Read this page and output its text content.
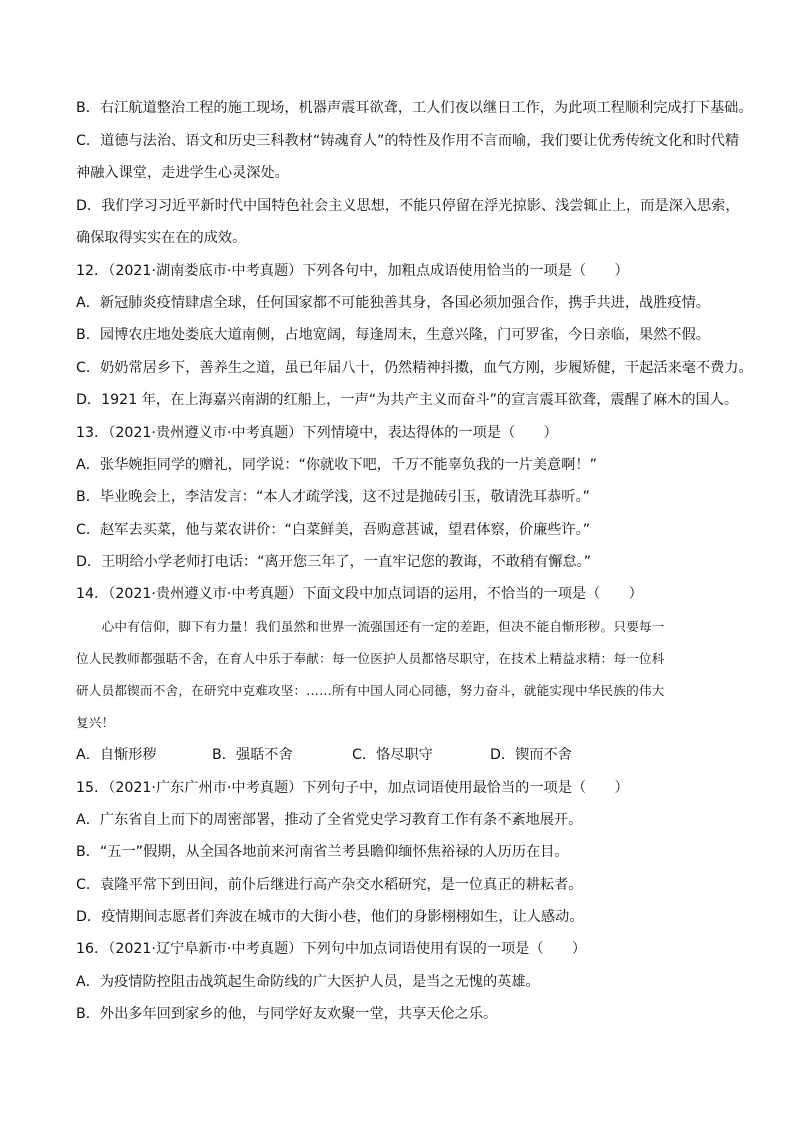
B．右江航道整治工程的施工现场，机器声震耳欲聋，工人们夜以继日工作，为此项工程顺利完成打下基础。
C．道德与法治、语文和历史三科教材“铸魂育人”的特性及作用不言而喻，我们要让优秀传统文化和时代精
神融入课堂，走进学生心灵深处。
D．我们学习习近平新时代中国特色社会主义思想，不能只停留在浮光掠影、浅尝辄止上，而是深入思索，
确保取得实实在在的成效。
12．（2021·湖南娄底市·中考真题）下列各句中，加粗点成语使用恰当的一项是（　　）
A．新冠肺炎疫情肆虐全球，任何国家都不可能独善其身，各国必须加强合作，携手共进，战胜疫情。
B．园博农庄地处娄底大道南侧，占地宽阔，每逢周末，生意兴隆，门可罗雀，今日亲临，果然不假。
C．奶奶常居乡下，善养生之道，虽已年届八十，仍然精神抖擞，血气方刚，步履矫健，干起活来毫不费力。
D．1921 年，在上海嘉兴南湖的红船上，一声“为共产主义而奋斗”的宣言震耳欲聋，震醒了麻木的国人。
13．（2021·贵州遵义市·中考真题）下列情境中，表达得体的一项是（　　）
A．张华婉拒同学的赠礼，同学说：“你就收下吧，千万不能辜负我的一片美意啊！”
B．毕业晚会上，李洁发言：“本人才疏学浅，这不过是抛砖引玉，敬请洗耳恭听。”
C．赵军去买菜，他与菜农讲价：“白菜鲜美，吾购意甚诚，望君体察，价廉些许。”
D．王明给小学老师打电话：“离开您三年了，一直牢记您的教诲，不敢稍有懈怠。”
14．（2021·贵州遵义市·中考真题）下面文段中加点词语的运用，不恰当的一项是（　　）
　　心中有信仰，脚下有力量！我们虽然和世界一流强国还有一定的差距，但决不能自惭形秽。只要每一
位人民教师都强聒不舍，在育人中乐于奉献：每一位医护人员都恪尽职守，在技术上精益求精：每一位科
研人员都锲而不舍，在研究中克难攻坚：……所有中国人同心同德，努力奋斗，就能实现中华民族的伟大
复兴！
A．自惭形秽	B．强聒不舍	C．恪尽职守	D．锲而不舍
15．（2021·广东广州市·中考真题）下列句子中，加点词语使用最恰当的一项是（　　）
A．广东省自上而下的周密部署，推动了全省党史学习教育工作有条不紊地展开。
B．“五一”假期，从全国各地前来河南省兰考县瞻仰缅怀焦裕禄的人历历在目。
C．袁隆平常下到田间，前仆后继进行高产杂交水稻研究，是一位真正的耕耘者。
D．疫情期间志愿者们奔波在城市的大街小巷，他们的身影栩栩如生，让人感动。
16．（2021·辽宁阜新市·中考真题）下列句中加点词语使用有误的一项是（　　）
A．为疫情防控阻击战筑起生命防线的广大医护人员，是当之无愧的英雄。
B．外出多年回到家乡的他，与同学好友欢聚一堂，共享天伦之乐。
